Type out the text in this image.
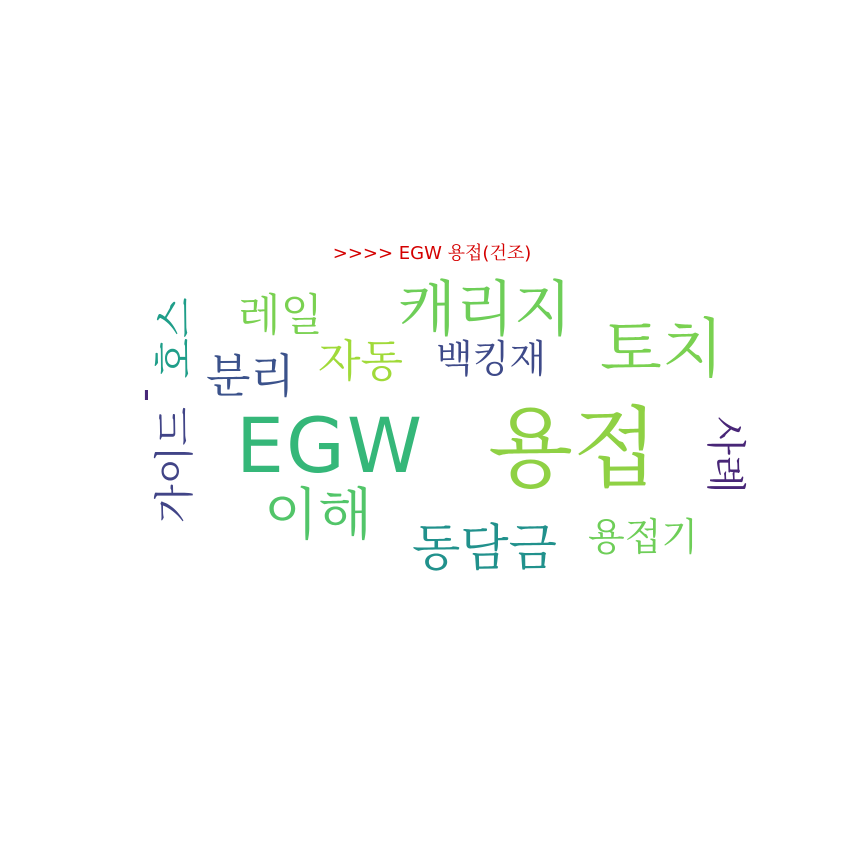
>>>> EGW 용접(건조)
용접
EGW
토치
캐리지
이해 동담금
분리
레일
자동 백킹재
용접기
호스
가이드	사례
-
